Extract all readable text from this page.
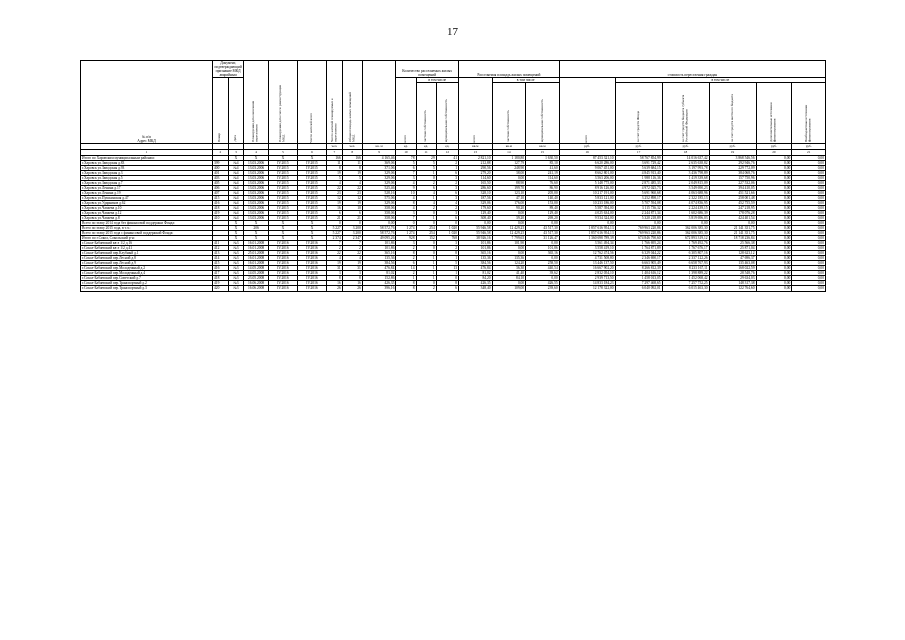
17
№ п/п
Адрес МКД	Документ, подтверждающий признание МКД аварийным		Планируемая дата окончания переселения	Планируемая дата сноса/ реконструкции МКД	Число жителей всего	Число жителей планируемых к переселению	Общая площадь жилых помещений МКД		Количество расселяемых жилых помещений			Расселяемая площадь жилых помещений			стоимость переселения граждан					
	Номер	Дата							всего	в том числе		всего	в том числе		всего	в том числе				
										частная собственность	муниципальная собственность		частная собственность	муниципальная собственность		за счет средств Фонда	за счет средств бюджета субъекта Российской Федерации	за счет средств местного бюджета	Дополнительные источники финансирования	Внебюджетные источники финансирования
						чел.	чел.	кв. м	ед.	ед.	ед.	кв.м	кв.м	кв.м	руб.	руб.	руб.	руб.	руб.	руб.
1	2	3	4	5	6	7	8	9	10	11	12	13	14	15	16	17	18	19	20	21
Итого по Харовским муниципальным районам:		X	X	X	X	166	166	4 165,46	78	29	41	2 821,10	1 180,80	1 630,50	87 453 321,10	58 767 854,99	14 016 637,42	3 868 546,56	0,00	0,00
г.Харовск ул.Заводская д.83	399	№4	13.03.2006	IV.2015	IV.2015	11	11	369,06	5	5	2	212,88	127,79	85,10	6 620 286,00	3 691 729,42	2 635 638,82	292 946,76	0,00	0,00
г.Харовск ул.Заводская д.93	400	№4	13.03.2006	IV.2015	IV.2015	8	8	371,06	6	5	1	290,56	248,90	41,60	9 067 451,00	5 639 684,15	3 197 993,78	229 772,09	0,00	0,00
г.Харовск ул.Заводская д.3	401	№4	13.03.2006	IV.2015	IV.2015	19	19	329,06	7	1	6	279,20	38,00	241,19	8 662 801,00	4 845 913,40	3 436 798,89	384 068,76	0,00	0,00
г.Харовск ул.Заводская д.5	403	№4	13.03.2006	IV.2015	IV.2015	5	5	329,06	3	0	3	114,60	0,00	114,60	3 563 206,00	1 988 116,36	1 419 339,68	157 750,96	0,00	0,00
г.Харовск ул.Заводская д.7	405	№4	13.03.2006	IV.2015	IV.2015	4	4	329,06	4	2	2	165,50	88,90	76,60	5 148 775,00	2 871 485,33	2 049 815,09	227 532,06	0,00	0,00
г.Харовск ул.Ленина д.17	406	№4	13.03.2006	IV.2015	IV.2015	22	22	525,46	9	6	3	286,60	199,70	86,90	8 916 126,00	4 972 025,73	3 549 690,23	394 410,05	0,00	0,00
г.Харовск ул.Ленина д.19	407	№4	13.03.2006	IV.2015	IV.2015	23	23	528,16	10	4	6	328,10	123,10	205,00	10 217 191,00	5 691 960,68	4 063 688,96	451 521,66	0,00	0,00
г.Харовск ул.Пушкинская д.47	415	№4	13.03.2006	IV.2015	IV.2015	12	12	575,06	4	1	3	187,56	47,10	140,40	5 833 121,00	3 252 898,17	2 322 185,13	258 001,48	0,00	0,00
г.Харовск ул.Ударников д.62	416	№4	13.03.2006	IV.2015	IV.2015	19	19	329,06	8	4	4	329,06	176,00	153,00	10 233 186,00	5 707 594,08	4 074 836,95	452 755,59	0,00	0,00
г.Харовск ул.Чапаева д.10	418	№4	13.03.2006	IV.2015	IV.2015	16	10	358,06	4	2	2	179,60	90,20	89,40	5 587 394,00	3 115 736,32	2 224 439,15	247 218,95	0,00	0,00
г.Харовск ул.Чапаева д.12	419	№4	13.03.2006	IV.2015	IV.2015	6	6	358,06	3	0	3	129,40	0,00	129,40	4 025 634,00	2 244 871,34	1 602 686,39	178 076,28	0,00	0,00
г.Харовск ул.Чапаева д.8	410	№4	13.03.2006	IV.2015	IV.2015	21	21	358,06	7	1	6	308,40	39,20	269,20	9 534 324,00	5 320 218,89	3 819 696,03	424 401,54	0,00	0,00
Всего по этапу 2014 года без финансовой поддержки Фонда:		X	X	X	X	0	0	0,00	0	0	0	0,00	0,00	0,00	0,00	0,00	0,00	0,00	0,00	0,00
Всего по этапу 2015 года, в т.ч.:		X	206	X	X	5 227	3 200	58 572,76	1 274	254	1 020	55 946,58	12 429,25	43 517,30	1 857 616 954,13	769 963 220,86	362 006 385,30	21 141 351,75	0,00	0,00
Всего по этапу 2015 года с финансовой поддержкой Фонда:		X	X	X	X	5 227	3 200	58 572,76	1 274	254	1 020	55 946,58	12 429,25	43 517,30	1 857 616 954,13	769 963 220,86	362 006 385,30	21 141 351,75	0,00	0,00
Итого по г.Сокол, Сокольский р-н:		X	X	X	X	2 374	2 347	49 095,26	928	152	768	38 926,16	7 799,65	31 126,47	1 360 698 789,39	674 846 790,60	672 893 319,12	18 718 236,84	0,00	0,00
г.Сокол-Бабаевский кв-л 1/2 д.16	411	№3	16.01.2008	IV.2016	IV.2016	7	7	101,86	3	0	3	101,86	101,90	0,00	3 561 494,34	1 766 695,24	1 769 492,76	25 566,38	0,00	0,00
г.Сокол-Бабаевский кв-л 1/2 д.41	412	№3	16.01.2008	IV.2016	IV.2016	2	2	101,86	2	0	2	101,86	0,00	101,86	3 558 419,10	1 764 871,89	1 767 676,17	25 871,04	0,00	0,00
г.Сокол-Бабаевский пер.Клубный д.1	413	№3	25.01.2008	IV.2016	IV.2016	22	22	365,16	8	0	8	365,16	0,00	365,16	12 762 474,56	6 329 044,22	6 305 807,16	128 623,12	0,00	0,00
г.Сокол-Бабаевский пер.Лесной д.8	414	№3	16.01.2008	IV.2016	IV.2016	4	4	135,36	2	1	1	135,36	135,36	0,00	4 731 508,80	2 346 690,17	2 337 122,26	47 696,37	0,00	0,00
г.Сокол-Бабаевский пер.Лесной д.9	415	№3	16.01.2008	IV.2016	IV.2016	19	19	384,56	6	1	5	384,56	124,20	258,50	13 446 137,50	6 663 905,49	6 658 767,93	135 463,08	0,00	0,00
г.Сокол-Бабаевский пер.Молодежный д.2	416	№3	14.05.2008	IV.2016	IV.2016	31	31	476,84	14	1	13	476,84	36,30	440,54	16 667 902,20	8 266 812,39	8 233 167,11	168 022,59	0,00	0,00
г.Сокол-Бабаевский пер.Молодежный д.4	417	№3	14.05.2008	IV.2016	IV.2016	3	3	81,02	2	1	1	81,02	41,40	39,62	2 832 054,10	1 404 616,12	1 398 889,22	28 548,76	0,00	0,00
г.Сокол-Бабаевский пер.Советский д.7	418	№3	23.05.2008	IV.2016	IV.2016	8	8	152,86	1	1	0	84,20	84,10	0,00	2 939 713,50	1 458 013,05	1 452 068,42	29 634,03	0,00	0,00
г.Сокол-Бабаевский пер.Транспортный д.2	419	№3	16.06.2008	IV.2016	IV.2016	16	16	426,35	8	0	8	426,35	0,00	426,55	14 833 184,23	7 297 468,65	7 257 752,25	148 317,38	0,00	0,00
г.Сокол-Бабаевский пер.Транспортный д.3	420	№3	16.06.2008	IV.2016	IV.2016	26	26	396,16	8	2	6	348,40	109,00	239,60	12 178 322,00	6 040 092,01	6 015 463,30	122 764,60	0,00	0,00
